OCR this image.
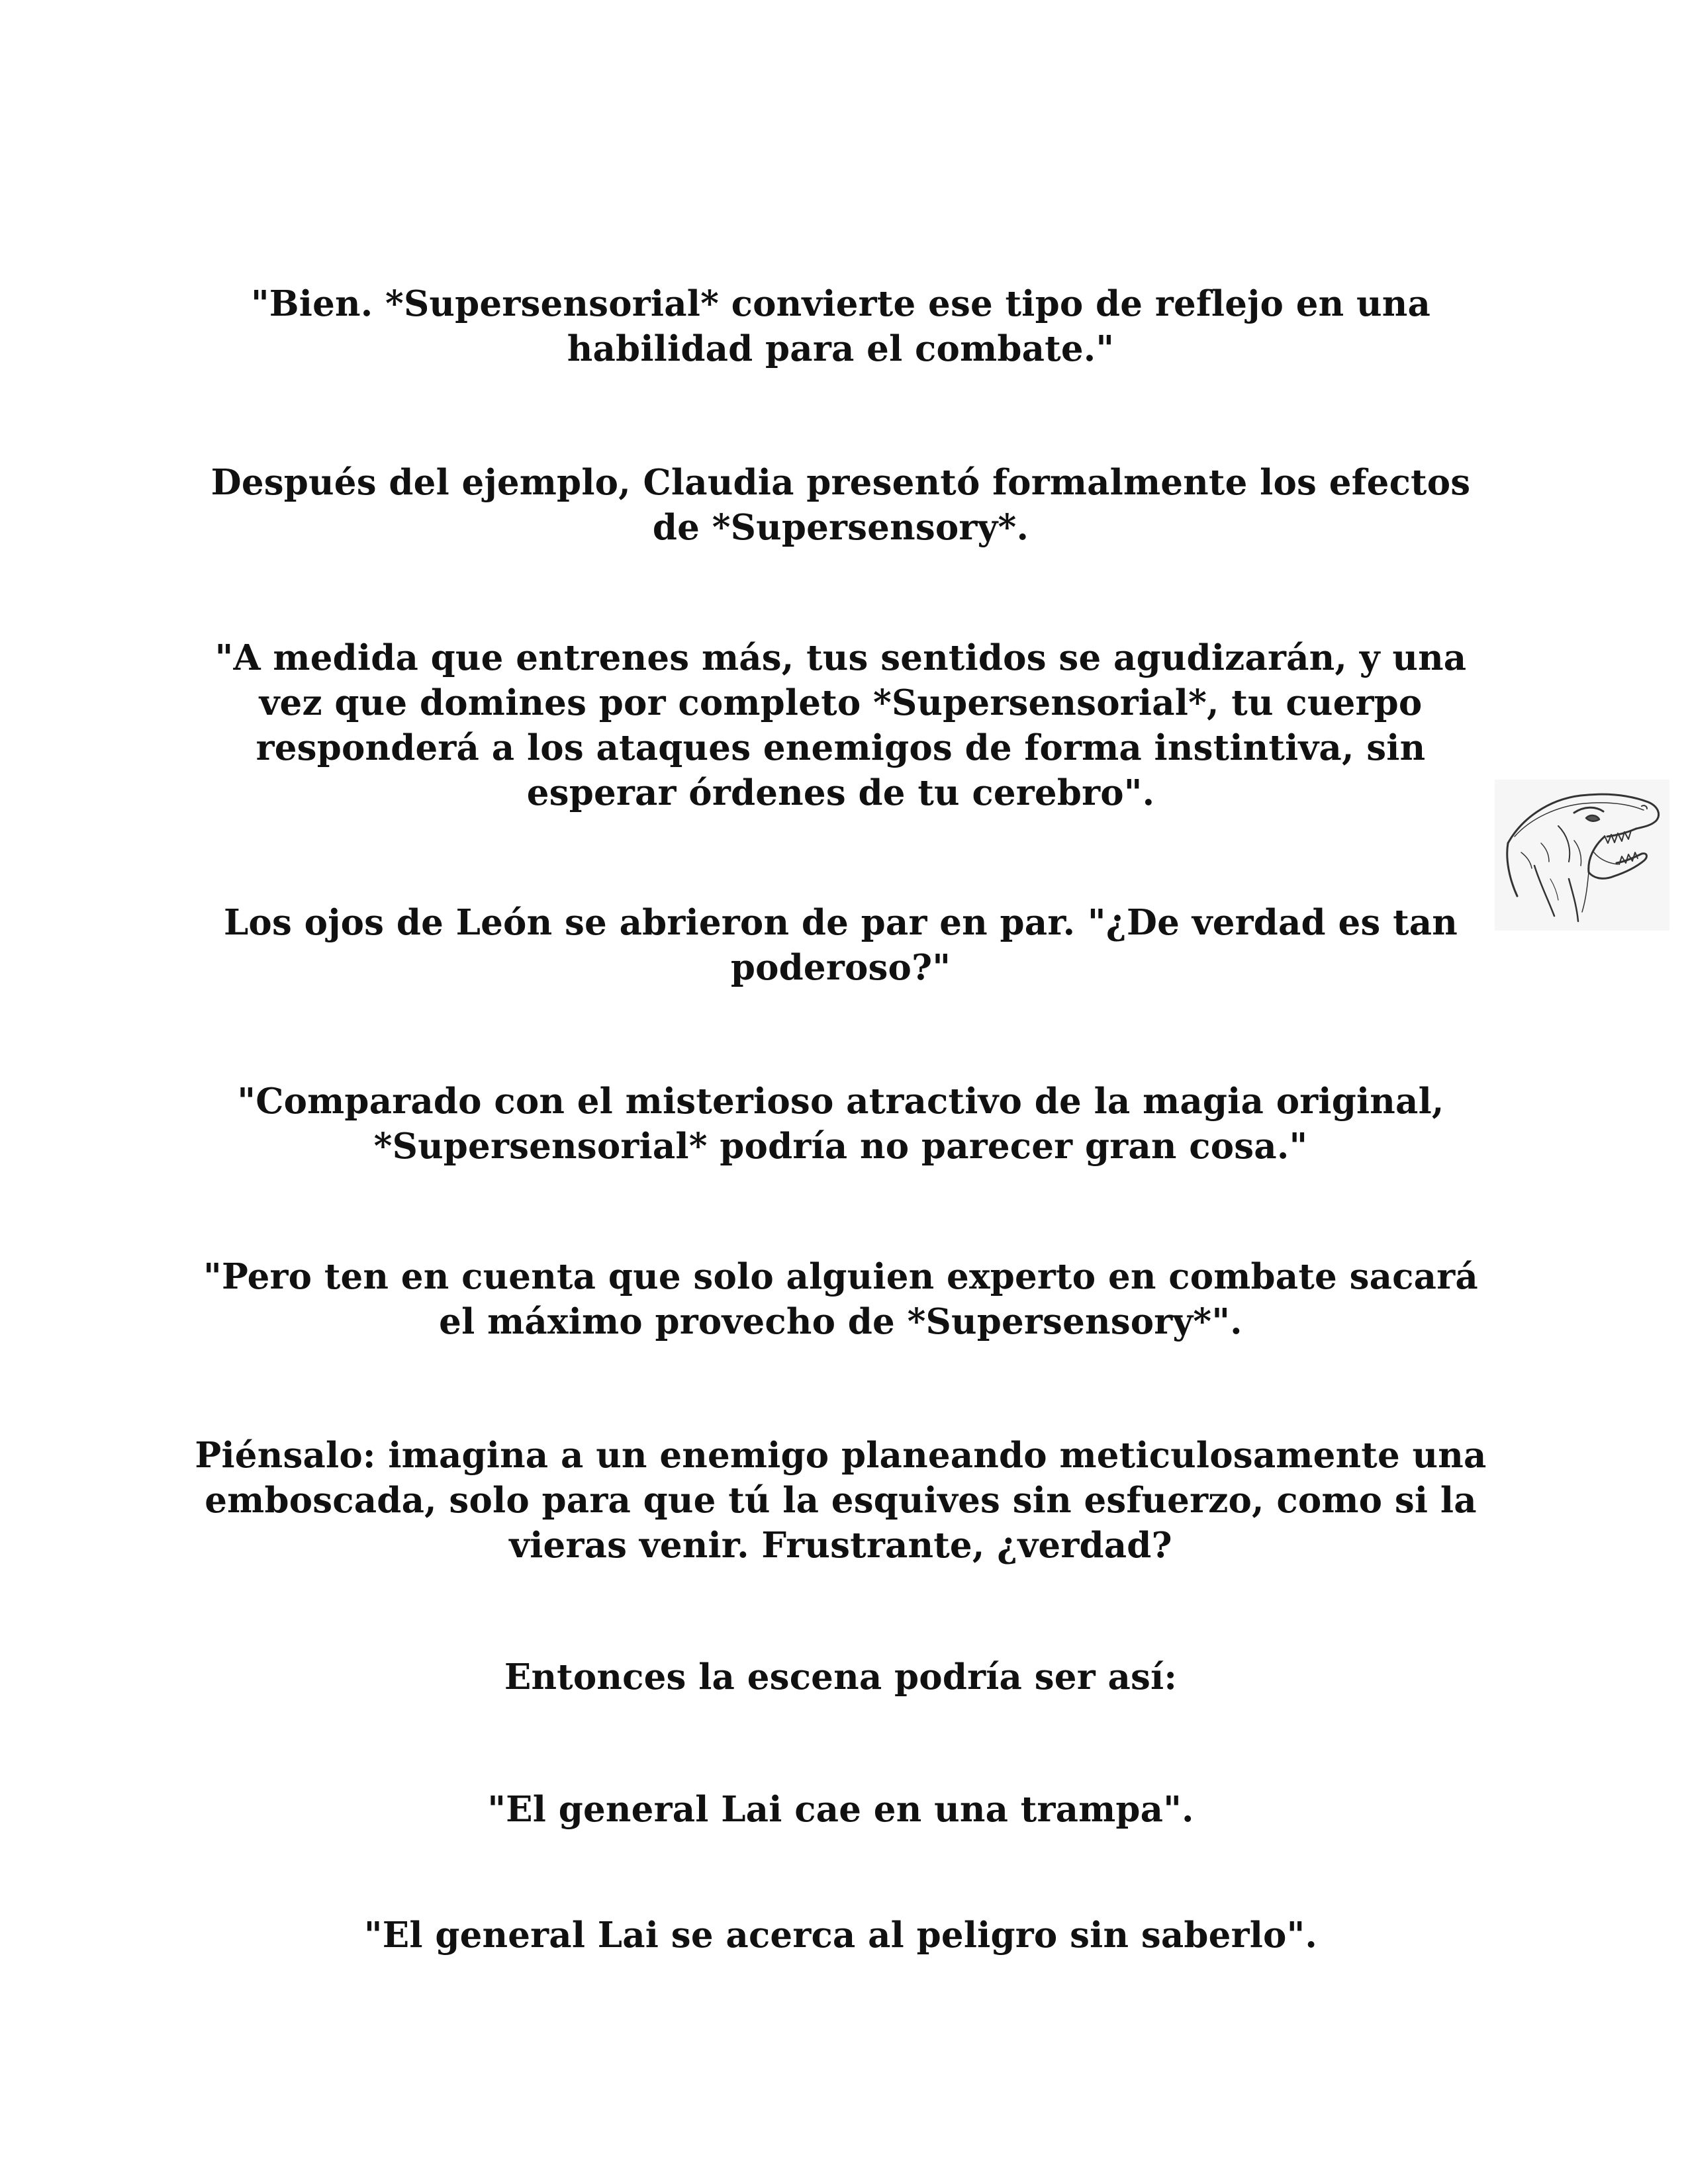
"Bien. *Supersensorial* convierte ese tipo de reflejo en una habilidad para el combate."

Después del ejemplo, Claudia presentó formalmente los efectos de *Supersensory*.

"A medida que entrenes más, tus sentidos se agudizarán, y una vez que domines por completo *Supersensorial*, tu cuerpo responderá a los ataques enemigos de forma instintiva, sin esperar órdenes de tu cerebro".

Los ojos de León se abrieron de par en par. "¿De verdad es tan poderoso?"

"Comparado con el misterioso atractivo de la magia original, *Supersensorial* podría no parecer gran cosa."

"Pero ten en cuenta que solo alguien experto en combate sacará el máximo provecho de *Supersensory*".

Piénsalo: imagina a un enemigo planeando meticulosamente una emboscada, solo para que tú la esquives sin esfuerzo, como si la vieras venir. Frustrante, ¿verdad?

Entonces la escena podría ser así:

"El general Lai cae en una trampa".

"El general Lai se acerca al peligro sin saberlo".
